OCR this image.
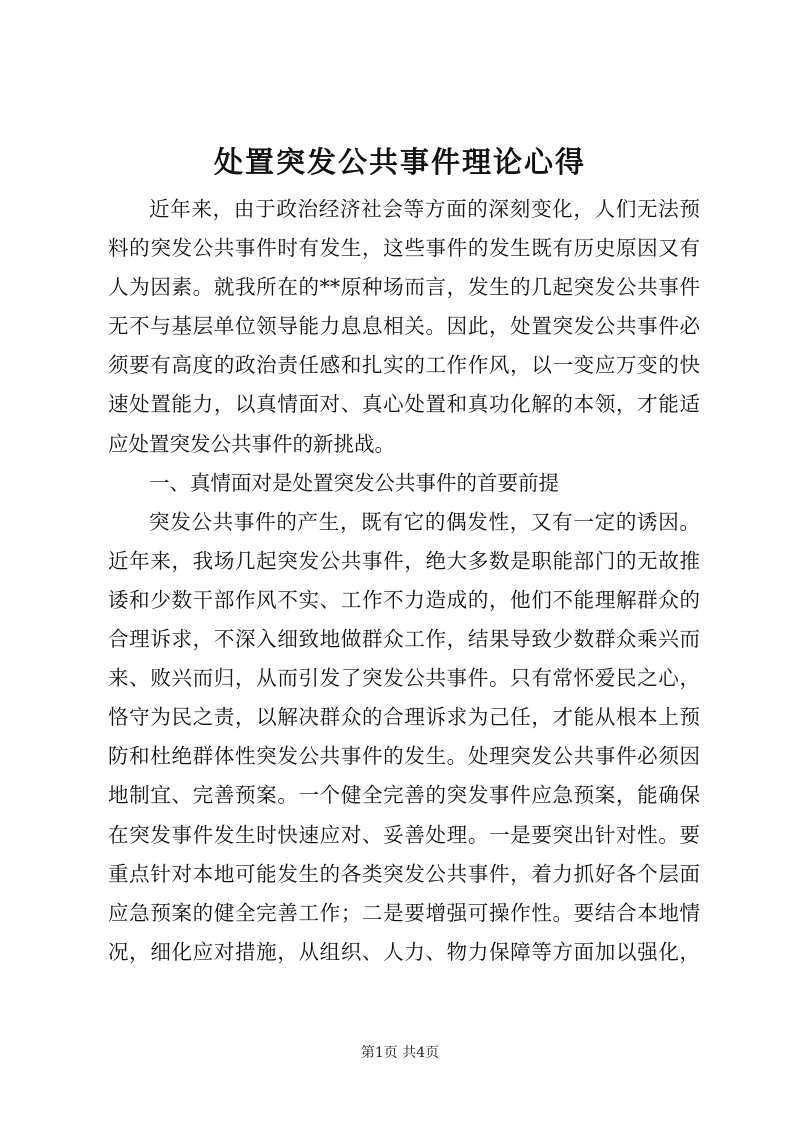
处置突发公共事件理论心得
近年来，由于政治经济社会等方面的深刻变化，人们无法预
料的突发公共事件时有发生，这些事件的发生既有历史原因又有
人为因素。就我所在的**原种场而言，发生的几起突发公共事件
无不与基层单位领导能力息息相关。因此，处置突发公共事件必
须要有高度的政治责任感和扎实的工作作风，以一变应万变的快
速处置能力，以真情面对、真心处置和真功化解的本领，才能适
应处置突发公共事件的新挑战。
一、真情面对是处置突发公共事件的首要前提
突发公共事件的产生，既有它的偶发性，又有一定的诱因。
近年来，我场几起突发公共事件，绝大多数是职能部门的无故推
诿和少数干部作风不实、工作不力造成的，他们不能理解群众的
合理诉求，不深入细致地做群众工作，结果导致少数群众乘兴而
来、败兴而归，从而引发了突发公共事件。只有常怀爱民之心，
恪守为民之责，以解决群众的合理诉求为己任，才能从根本上预
防和杜绝群体性突发公共事件的发生。处理突发公共事件必须因
地制宜、完善预案。一个健全完善的突发事件应急预案，能确保
在突发事件发生时快速应对、妥善处理。一是要突出针对性。要
重点针对本地可能发生的各类突发公共事件，着力抓好各个层面
应急预案的健全完善工作；二是要增强可操作性。要结合本地情
况，细化应对措施，从组织、人力、物力保障等方面加以强化，
第1页 共4页
